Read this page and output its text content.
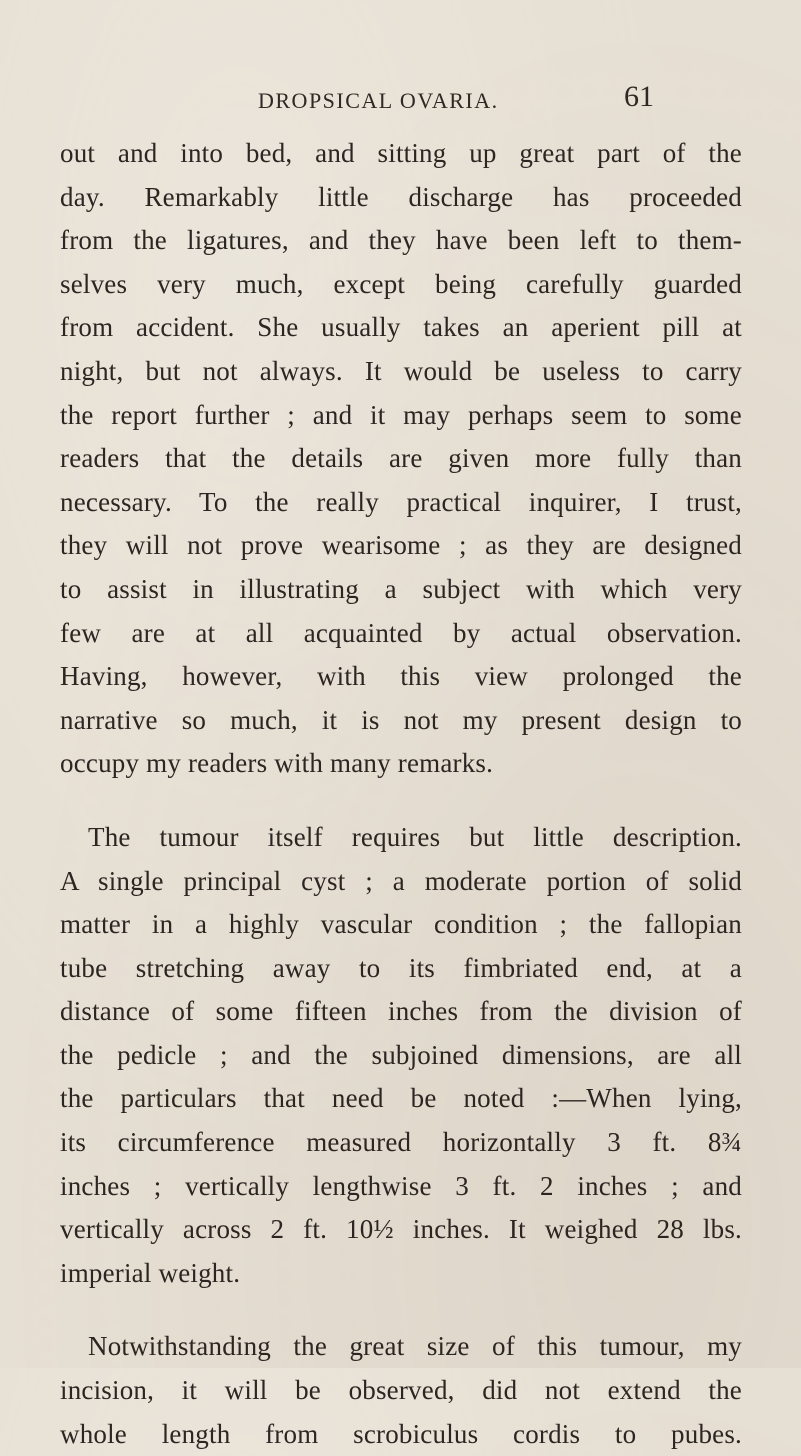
DROPSICAL OVARIA.	61
out and into bed, and sitting up great part of the
day. Remarkably little discharge has proceeded
from the ligatures, and they have been left to them-
selves very much, except being carefully guarded
from accident. She usually takes an aperient pill at
night, but not always. It would be useless to carry
the report further ; and it may perhaps seem to some
readers that the details are given more fully than
necessary. To the really practical inquirer, I trust,
they will not prove wearisome ; as they are designed
to assist in illustrating a subject with which very
few are at all acquainted by actual observation.
Having, however, with this view prolonged the
narrative so much, it is not my present design to
occupy my readers with many remarks.
The tumour itself requires but little description.
A single principal cyst ; a moderate portion of solid
matter in a highly vascular condition ; the fallopian
tube stretching away to its fimbriated end, at a
distance of some fifteen inches from the division of
the pedicle ; and the subjoined dimensions, are all
the particulars that need be noted :—When lying,
its circumference measured horizontally 3 ft. 8¾
inches ; vertically lengthwise 3 ft. 2 inches ; and
vertically across 2 ft. 10½ inches. It weighed 28 lbs.
imperial weight.
Notwithstanding the great size of this tumour, my
incision, it will be observed, did not extend the
whole length from scrobiculus cordis to pubes.
